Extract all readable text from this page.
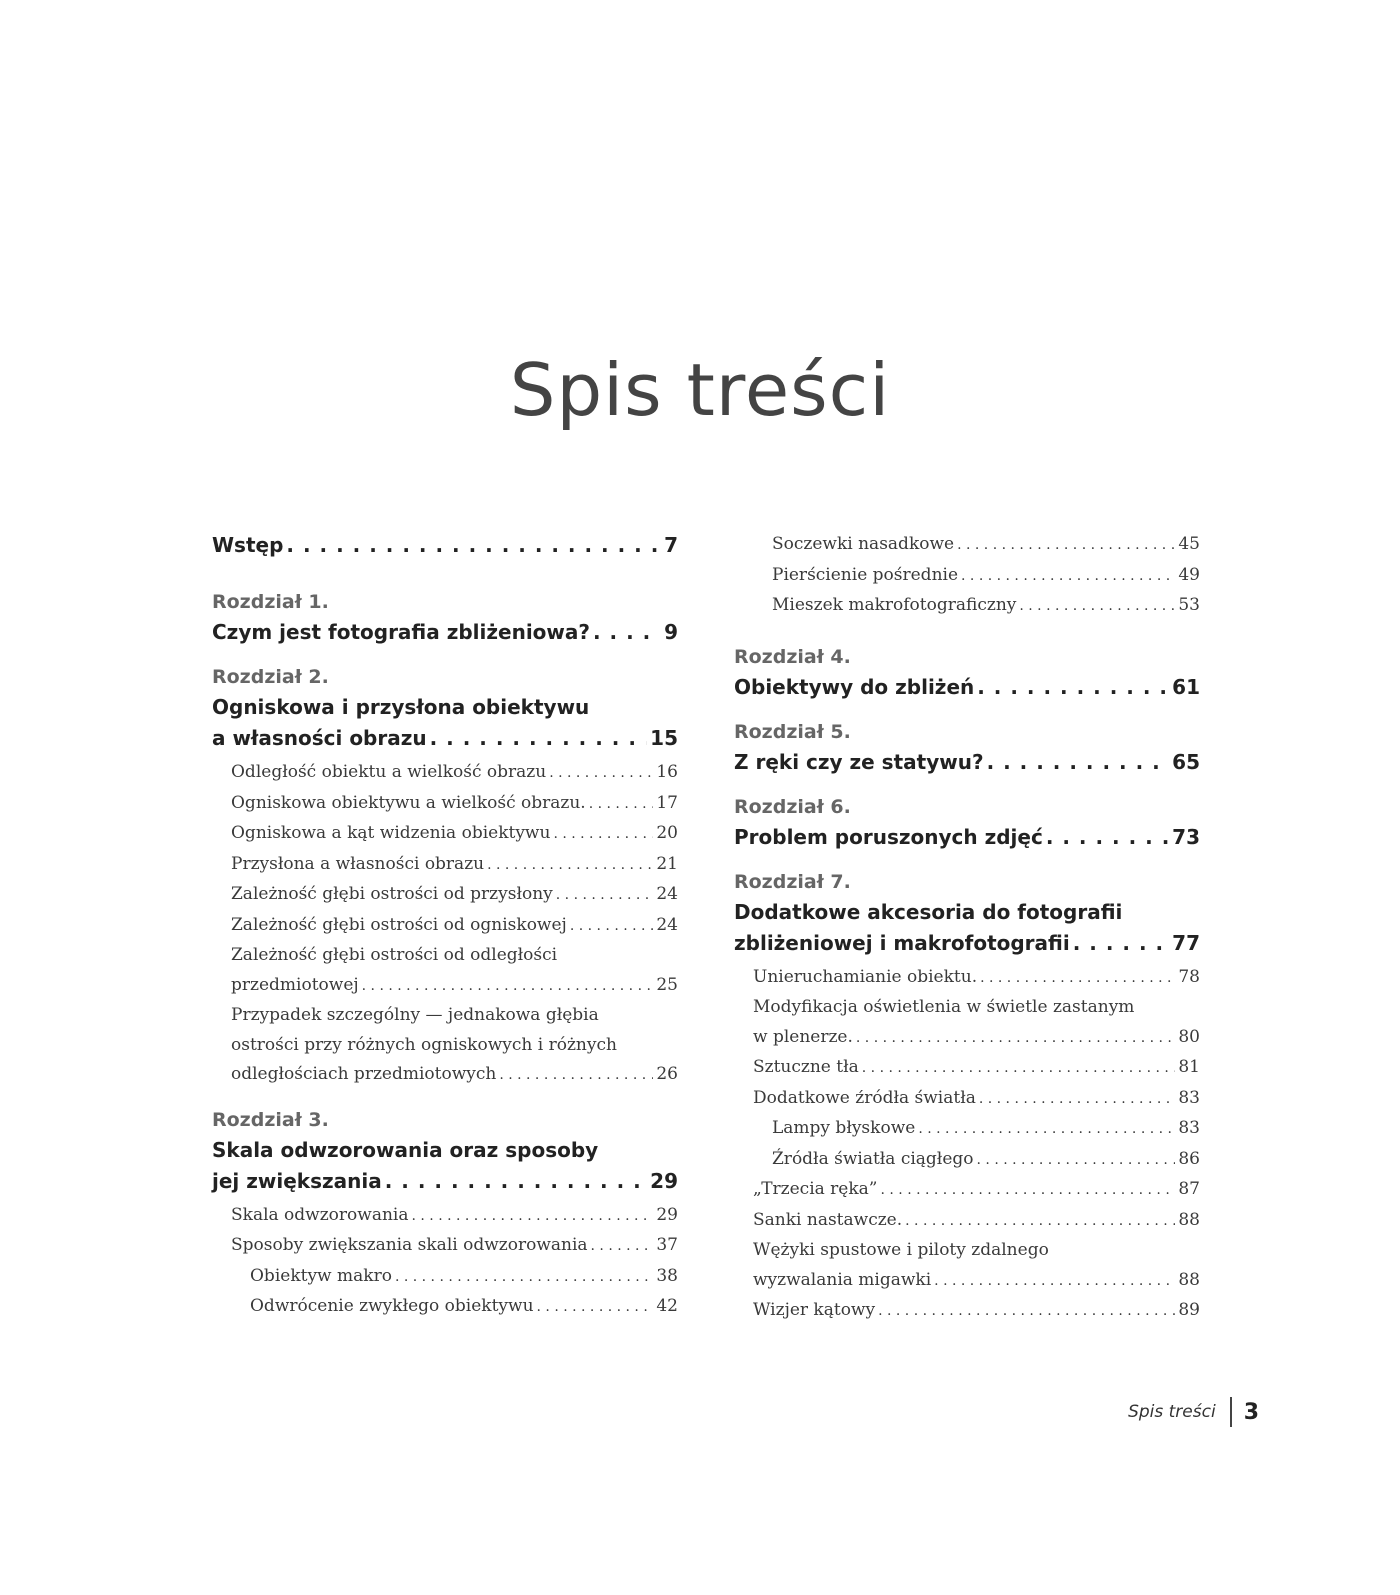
Spis treści
Wstęp . . .	7
Rozdział 1.
Czym jest fotografia zbliżeniowa? . . .	9
Rozdział 2.
Ogniskowa i przysłona obiektywu
a własności obrazu . . .	15
Odległość obiektu a wielkość obrazu . . .	16
Ogniskowa obiektywu a wielkość obrazu. . . .	17
Ogniskowa a kąt widzenia obiektywu . . .	20
Przysłona a własności obrazu . . .	21
Zależność głębi ostrości od przysłony . . .	24
Zależność głębi ostrości od ogniskowej . . .	24
Zależność głębi ostrości od odległości
przedmiotowej . . .	25
Przypadek szczególny — jednakowa głębia
ostrości przy różnych ogniskowych i różnych
odległościach przedmiotowych . . .	26
Rozdział 3.
Skala odwzorowania oraz sposoby
jej zwiększania . . .	29
Skala odwzorowania . . .	29
Sposoby zwiększania skali odwzorowania . . .	37
Obiektyw makro . . .	38
Odwrócenie zwykłego obiektywu . . .	42
Soczewki nasadkowe . . .	45
Pierścienie pośrednie . . .	49
Mieszek makrofotograficzny . . .	53
Rozdział 4.
Obiektywy do zbliżeń . . .	61
Rozdział 5.
Z ręki czy ze statywu? . . .	65
Rozdział 6.
Problem poruszonych zdjęć . . .	73
Rozdział 7.
Dodatkowe akcesoria do fotografii
zbliżeniowej i makrofotografii . . .	77
Unieruchamianie obiektu. . . .	78
Modyfikacja oświetlenia w świetle zastanym
w plenerze. . . .	80
Sztuczne tła . . .	81
Dodatkowe źródła światła . . .	83
Lampy błyskowe . . .	83
Źródła światła ciągłego . . .	86
„Trzecia ręka” . . .	87
Sanki nastawcze. . . .	88
Wężyki spustowe i piloty zdalnego
wyzwalania migawki . . .	88
Wizjer kątowy . . .	89
Spis treści 3
